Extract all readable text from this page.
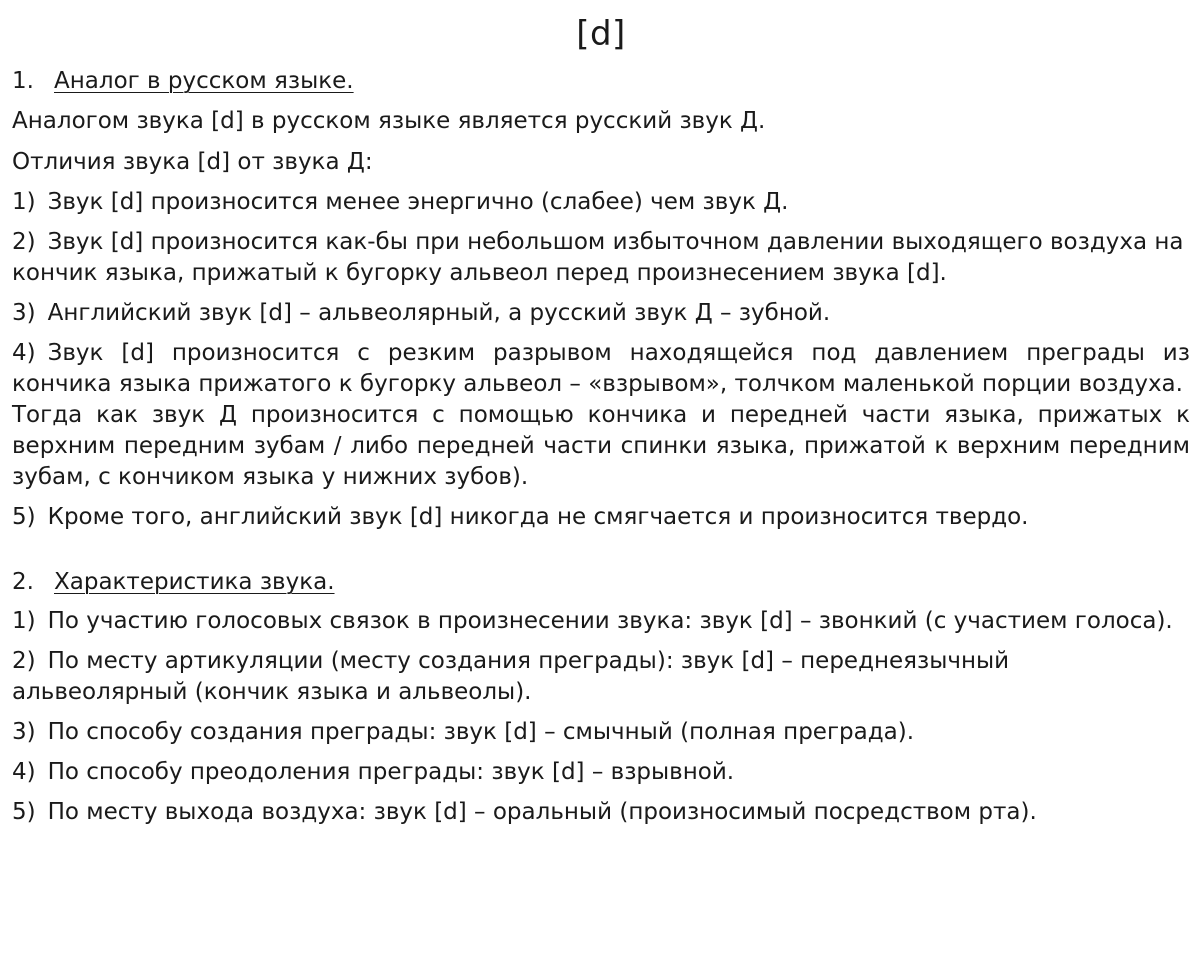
[d]
1. Аналог в русском языке.
Аналогом звука [d] в русском языке является русский звук Д.
Отличия звука [d] от звука Д:
1) Звук [d] произносится менее энергично (слабее) чем звук Д.
2) Звук [d] произносится как-бы при небольшом избыточном давлении выходящего воздуха на кончик языка, прижатый к бугорку альвеол перед произнесением звука [d].
3) Английский звук [d] – альвеолярный, а русский звук Д – зубной.
4) Звук [d] произносится с резким разрывом находящейся под давлением преграды из кончика языка прижатого к бугорку альвеол – «взрывом», толчком маленькой порции воздуха.
Тогда как звук Д произносится с помощью кончика и передней части языка, прижатых к верхним передним зубам / либо передней части спинки языка, прижатой к верхним передним зубам, с кончиком языка у нижних зубов).
5) Кроме того, английский звук [d] никогда не смягчается и произносится твердо.
2. Характеристика звука.
1) По участию голосовых связок в произнесении звука: звук [d] – звонкий (с участием голоса).
2) По месту артикуляции (месту создания преграды): звук [d] – переднеязычный альвеолярный (кончик языка и альвеолы).
3) По способу создания преграды: звук [d] – смычный (полная преграда).
4) По способу преодоления преграды: звук [d] – взрывной.
5) По месту выхода воздуха: звук [d] – оральный (произносимый посредством рта).
